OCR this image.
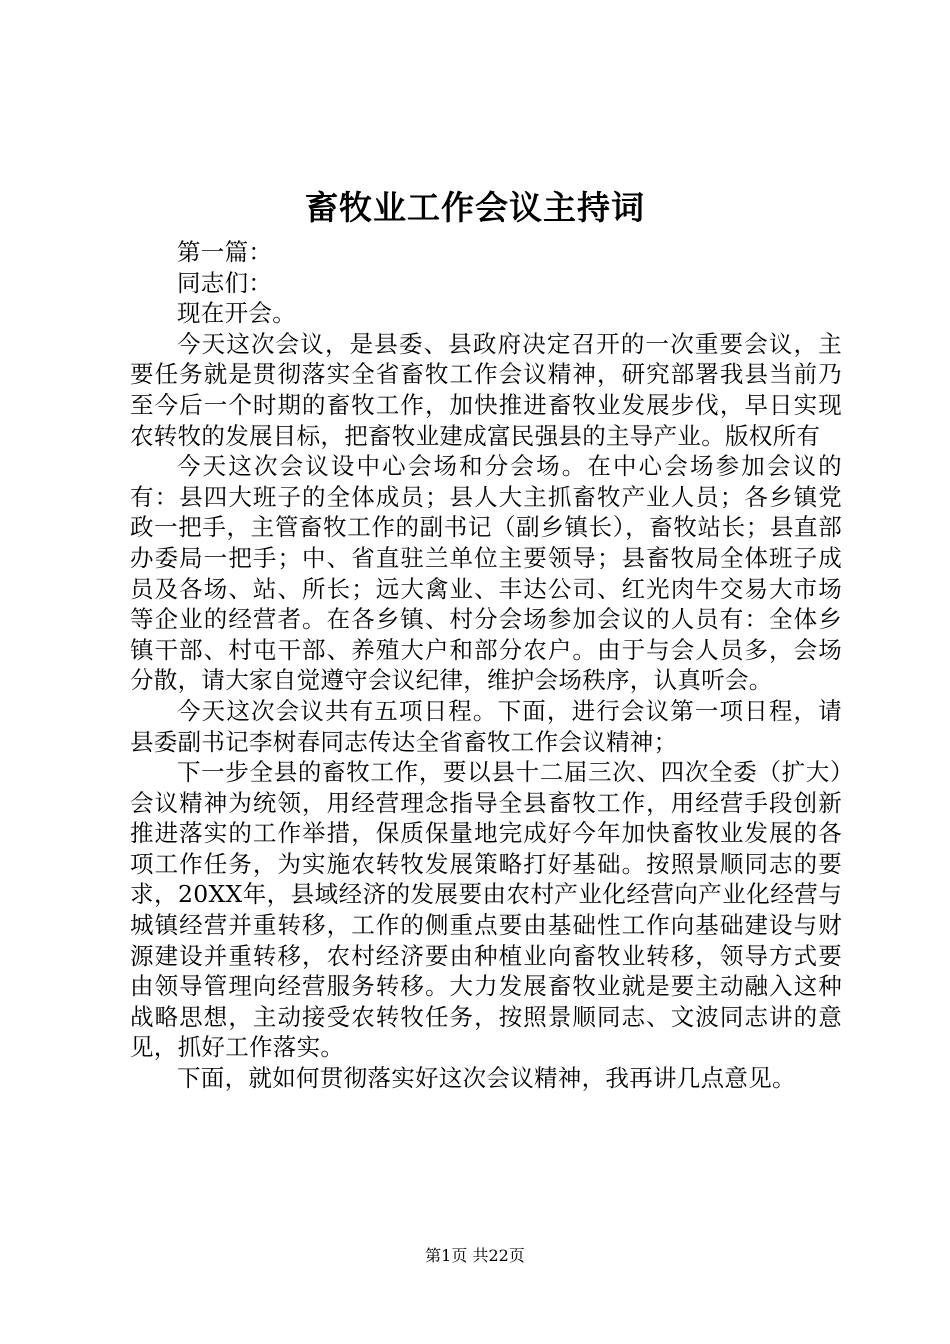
畜牧业工作会议主持词

第一篇：

同志们：

现在开会。

今天这次会议，是县委、县政府决定召开的一次重要会议，主要任务就是贯彻落实全省畜牧工作会议精神，研究部署我县当前乃至今后一个时期的畜牧工作，加快推进畜牧业发展步伐，早日实现农转牧的发展目标，把畜牧业建成富民强县的主导产业。版权所有

今天这次会议设中心会场和分会场。在中心会场参加会议的有：县四大班子的全体成员；县人大主抓畜牧产业人员；各乡镇党政一把手，主管畜牧工作的副书记（副乡镇长），畜牧站长；县直部办委局一把手；中、省直驻兰单位主要领导；县畜牧局全体班子成员及各场、站、所长；远大禽业、丰达公司、红光肉牛交易大市场等企业的经营者。在各乡镇、村分会场参加会议的人员有：全体乡镇干部、村屯干部、养殖大户和部分农户。由于与会人员多，会场分散，请大家自觉遵守会议纪律，维护会场秩序，认真听会。

今天这次会议共有五项日程。下面，进行会议第一项日程，请县委副书记李树春同志传达全省畜牧工作会议精神；

下一步全县的畜牧工作，要以县十二届三次、四次全委（扩大）会议精神为统领，用经营理念指导全县畜牧工作，用经营手段创新推进落实的工作举措，保质保量地完成好今年加快畜牧业发展的各项工作任务，为实施农转牧发展策略打好基础。按照景顺同志的要求，20XX年，县域经济的发展要由农村产业化经营向产业化经营与城镇经营并重转移，工作的侧重点要由基础性工作向基础建设与财源建设并重转移，农村经济要由种植业向畜牧业转移，领导方式要由领导管理向经营服务转移。大力发展畜牧业就是要主动融入这种战略思想，主动接受农转牧任务，按照景顺同志、文波同志讲的意见，抓好工作落实。

下面，就如何贯彻落实好这次会议精神，我再讲几点意见。

第1页 共22页
